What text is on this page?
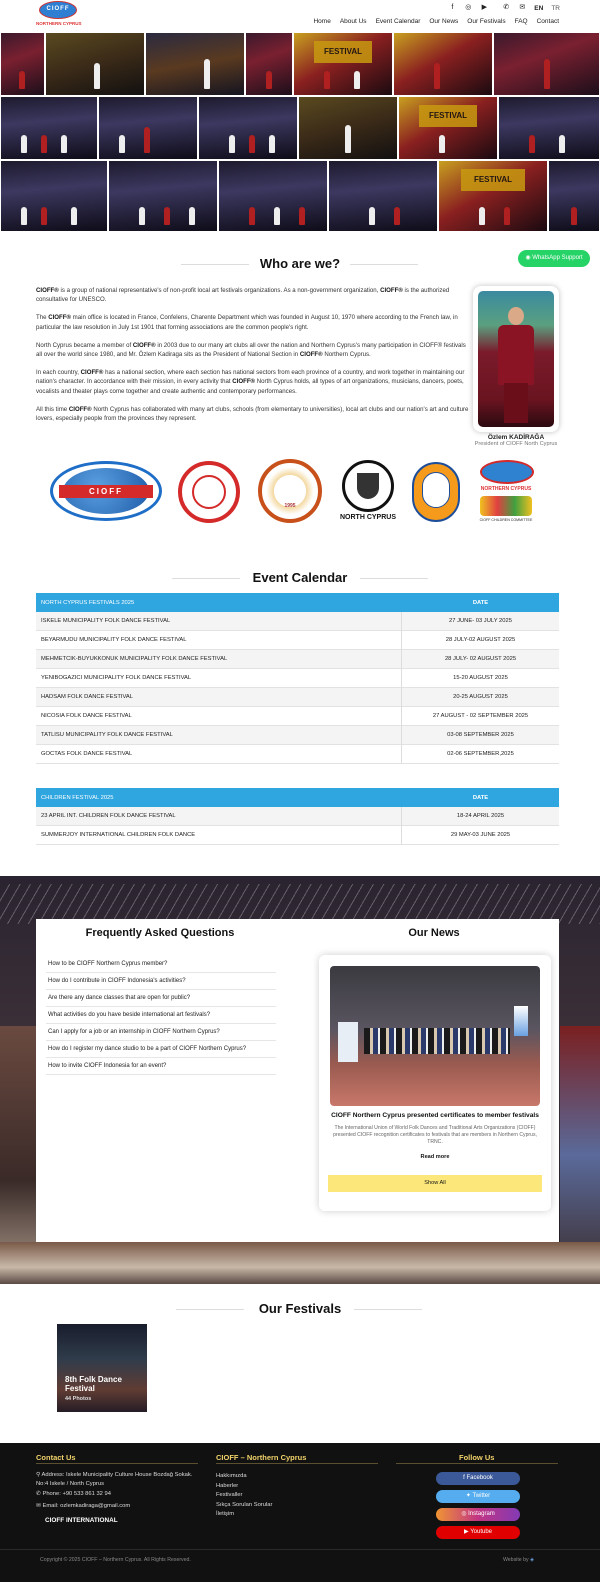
CIOFF
NORTHERN CYPRUS
f	◎ ▶ ✆ ✉ EN TR
Home About Us Event Calendar Our News Our Festivals FAQ Contact
FESTIVAL
FESTIVAL
FESTIVAL
Who are we?	◉ WhatsApp Support

CIOFF® is a group of national representative's of non-profit local art festivals organizations. As a non-government organization, CIOFF® is the authorized consultative for UNESCO.

The CIOFF® main office is located in France, Confelens, Charente Department which was founded in August 10, 1970 where according to the French law, in particular the law resolution in July 1st 1901 that forming associations are the common people's right.

North Cyprus became a member of CIOFF® in 2003 due to our many art clubs all over the nation and Northern Cyprus's many participation in CIOFF® festivals all over the world since 1980, and Mr. Özlem Kadiraga sits as the President of National Section in CIOFF® Northern Cyprus.

In each country, CIOFF® has a national section, where each section has national sectors from each province of a country, and work together in maintaining our nation's character. In accordance with their mission, in every activity that CIOFF® North Cyprus holds, all types of art organizations, musicians, dancers, poets, vocalists and theater plays come together and create authentic and contemporary performances.

All this time CIOFF® North Cyprus has collaborated with many art clubs, schools (from elementary to universities), local art clubs and our nation's art and culture lovers, especially people from the provinces they represent.

Özlem KADİRAĞA
President of CIOFF North Cyprus
CIOFF
1995
NORTH CYPRUS
NORTHERN CYPRUS
CIOFF CHILDREN COMMITTEE
Event Calendar
NORTH CYPRUS FESTIVALS 2025	DATE
ISKELE MUNICIPALITY FOLK DANCE FESTIVAL	27 JUNE- 03 JULY 2025
BEYARMUDU MUNICIPALITY FOLK DANCE FESTIVAL	28 JULY-02 AUGUST 2025
MEHMETCIK-BUYUKKONUK MUNICIPALITY FOLK DANCE FESTIVAL	28 JULY- 02 AUGUST 2025
YENIBOGAZICI MUNICIPALITY FOLK DANCE FESTIVAL	15-20 AUGUST 2025
HADSAM FOLK DANCE FESTIVAL	20-25 AUGUST 2025
NICOSIA FOLK DANCE FESTIVAL	27 AUGUST - 02 SEPTEMBER 2025
TATLISU MUNICIPALITY FOLK DANCE FESTIVAL	03-08 SEPTEMBER 2025
GOCTAS FOLK DANCE FESTIVAL	02-06 SEPTEMBER,2025
CHILDREN FESTIVAL 2025	DATE
23 APRIL INT. CHILDREN FOLK DANCE FESTIVAL	18-24 APRIL 2025
SUMMERJOY INTERNATIONAL CHILDREN FOLK DANCE	29 MAY-03 JUNE 2025
Frequently Asked Questions	Our News
How to be CIOFF Northern Cyprus member?
How do I contribute in CIOFF Indonesia's activities?
Are there any dance classes that are open for public?
What activities do you have beside international art festivals?
Can I apply for a job or an internship in CIOFF Northern Cyprus?
How do I register my dance studio to be a part of CIOFF Northern Cyprus?
How to invite CIOFF Indonesia for an event?
CIOFF Northern Cyprus presented certificates to member festivals
The International Union of World Folk Dances and Traditional Arts Organizations (CIOFF) presented CIOFF recognition certificates to festivals that are members in Northern Cyprus, TRNC.
Read more
Show All
Our Festivals
8th Folk Dance Festival
44 Photos
Contact Us
⚲ Address: Iskele Municipality Culture House Bozdağ Sokak. No:4 Iskele / North Cyprus
✆ Phone: +90 533 861 32 94
✉ Email: ozlemkadiraga@gmail.com
CIOFF INTERNATIONAL
CIOFF – Northern Cyprus
Hakkımızda
Haberler
Festivaller
Sıkça Sorulan Sorular
İletişim
Follow Us
f Facebook
✦ Twitter
◎ Instagram
▶ Youtube
Copyright © 2025 CIOFF – Northern Cyprus. All Rights Reserved.	Website by ◈
